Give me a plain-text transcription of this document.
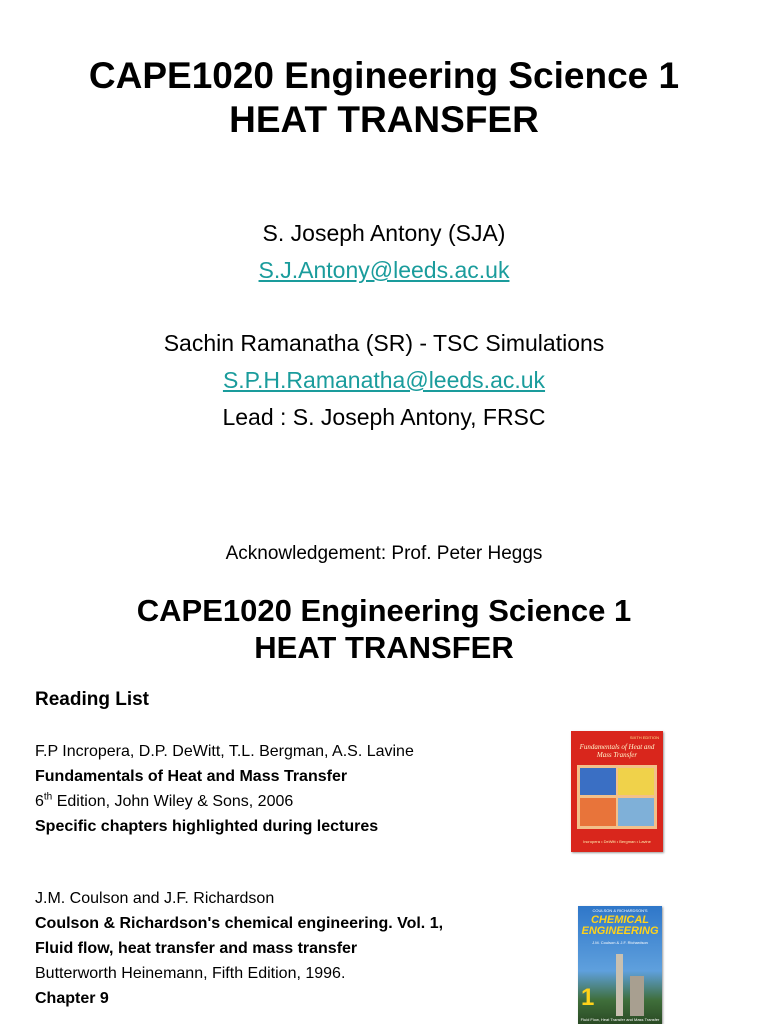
CAPE1020 Engineering Science 1
HEAT TRANSFER
S. Joseph Antony (SJA)
S.J.Antony@leeds.ac.uk
Sachin Ramanatha (SR) - TSC Simulations
S.P.H.Ramanatha@leeds.ac.uk
Lead : S. Joseph Antony, FRSC
Acknowledgement: Prof. Peter Heggs
CAPE1020 Engineering Science 1
HEAT TRANSFER
Reading List
F.P Incropera, D.P. DeWitt, T.L. Bergman, A.S. Lavine
Fundamentals of Heat and Mass Transfer
6th Edition, John Wiley & Sons, 2006
Specific chapters highlighted during lectures
J.M. Coulson and J.F. Richardson
Coulson & Richardson's chemical engineering. Vol. 1,
Fluid flow, heat transfer and mass transfer
Butterworth Heinemann, Fifth Edition, 1996.
Chapter 9
SIXTH EDITION
Fundamentals of Heat and Mass Transfer
Incropera • DeWitt • Bergman • Lavine
COULSON & RICHARDSON'S
CHEMICAL
ENGINEERING
J.M. Coulson & J.F. Richardson
1
Fluid Flow, Heat Transfer and Mass Transfer
